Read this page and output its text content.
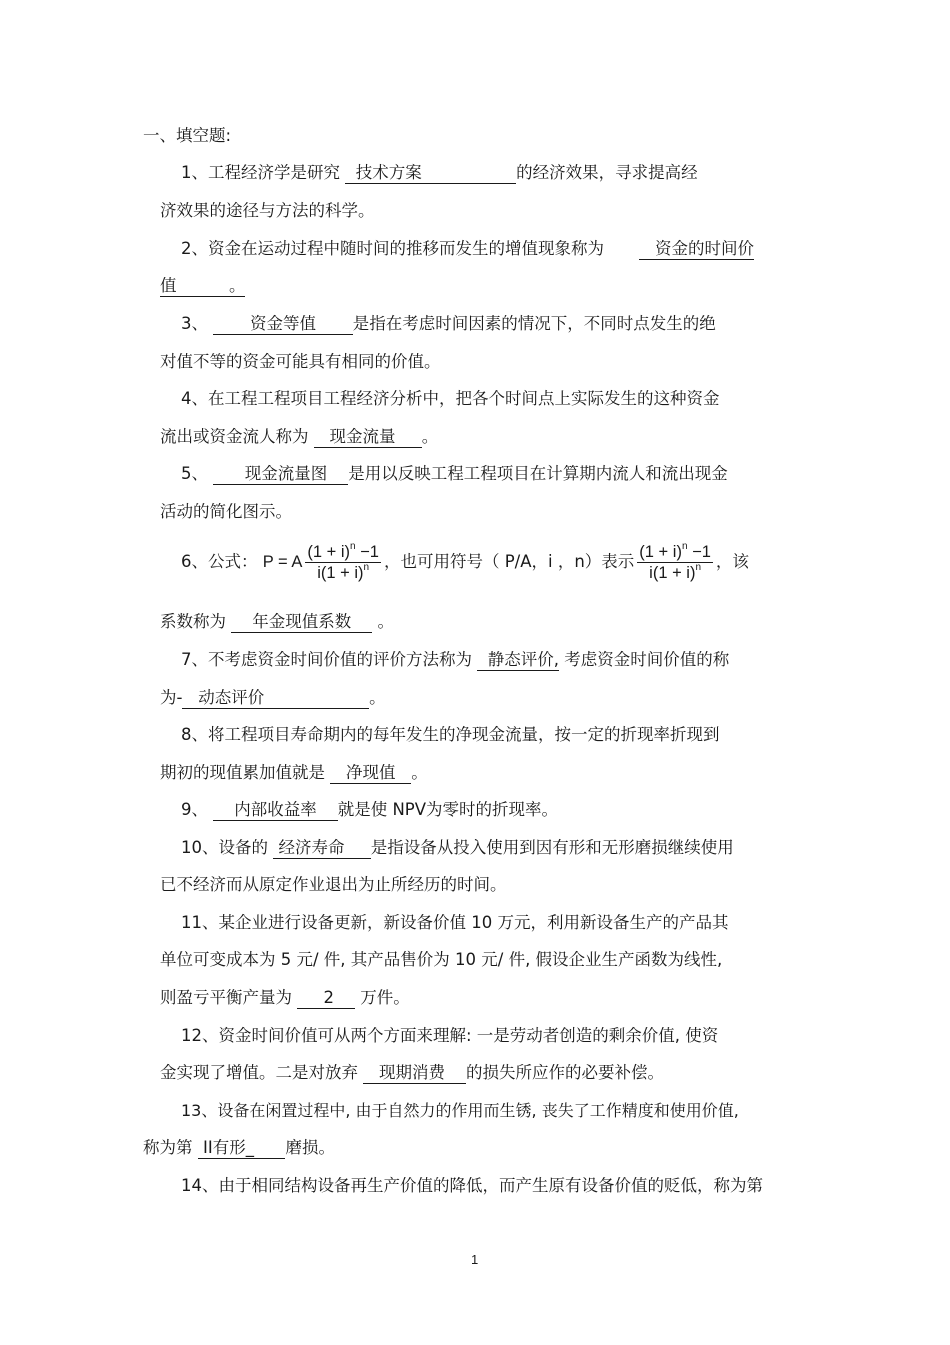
一、填空题:
1、工程经济学是研究   技术方案                  的经济效果，寻求提高经
济效果的途径与方法的科学。
2、资金在运动过程中随时间的推移而发生的增值现象称为    资金的时间价
值          。
3、        资金等值       是指在考虑时间因素的情况下，不同时点发生的绝
对值不等的资金可能具有相同的价值。
4、在工程工程项目工程经济分析中，把各个时间点上实际发生的这种资金
流出或资金流人称为    现金流量     。
5、       现金流量图    是用以反映工程工程项目在计算期内流人和流出现金
活动的简化图示。
6、公式： P = A $\frac{(1 + i)^n -1}{i(1 + i)^n}$ ，也可用符号（ P/A，i ，n）表示 $\frac{(1 + i)^n -1}{i(1 + i)^n}$ ，该
系数称为     年金现值系数     。
7、不考虑资金时间价值的评价方法称为   静态评价, 考虑资金时间价值的称
为-   动态评价                    。
8、将工程项目寿命期内的每年发生的净现金流量，按一定的折现率折现到
期初的现值累加值就是    净现值   。
9、     内部收益率    就是使 NPV为零时的折现率。
10、设备的  经济寿命     是指设备从投入使用到因有形和无形磨损继续使用
已不经济而从原定作业退出为止所经历的时间。
11、某企业进行设备更新，新设备价值 10 万元，利用新设备生产的产品其
单位可变成本为 5 元/ 件, 其产品售价为 10 元/ 件, 假设企业生产函数为线性,
则盈亏平衡产量为      2     万件。
12、资金时间价值可从两个方面来理解: 一是劳动者创造的剩余价值, 使资
金实现了增值。二是对放弃    现期消费    的损失所应作的必要补偿。
13、设备在闲置过程中, 由于自然力的作用而生锈, 丧失了工作精度和使用价值,
称为第  II有形_      磨损。
14、由于相同结构设备再生产价值的降低，而产生原有设备价值的贬低，称为第
1
